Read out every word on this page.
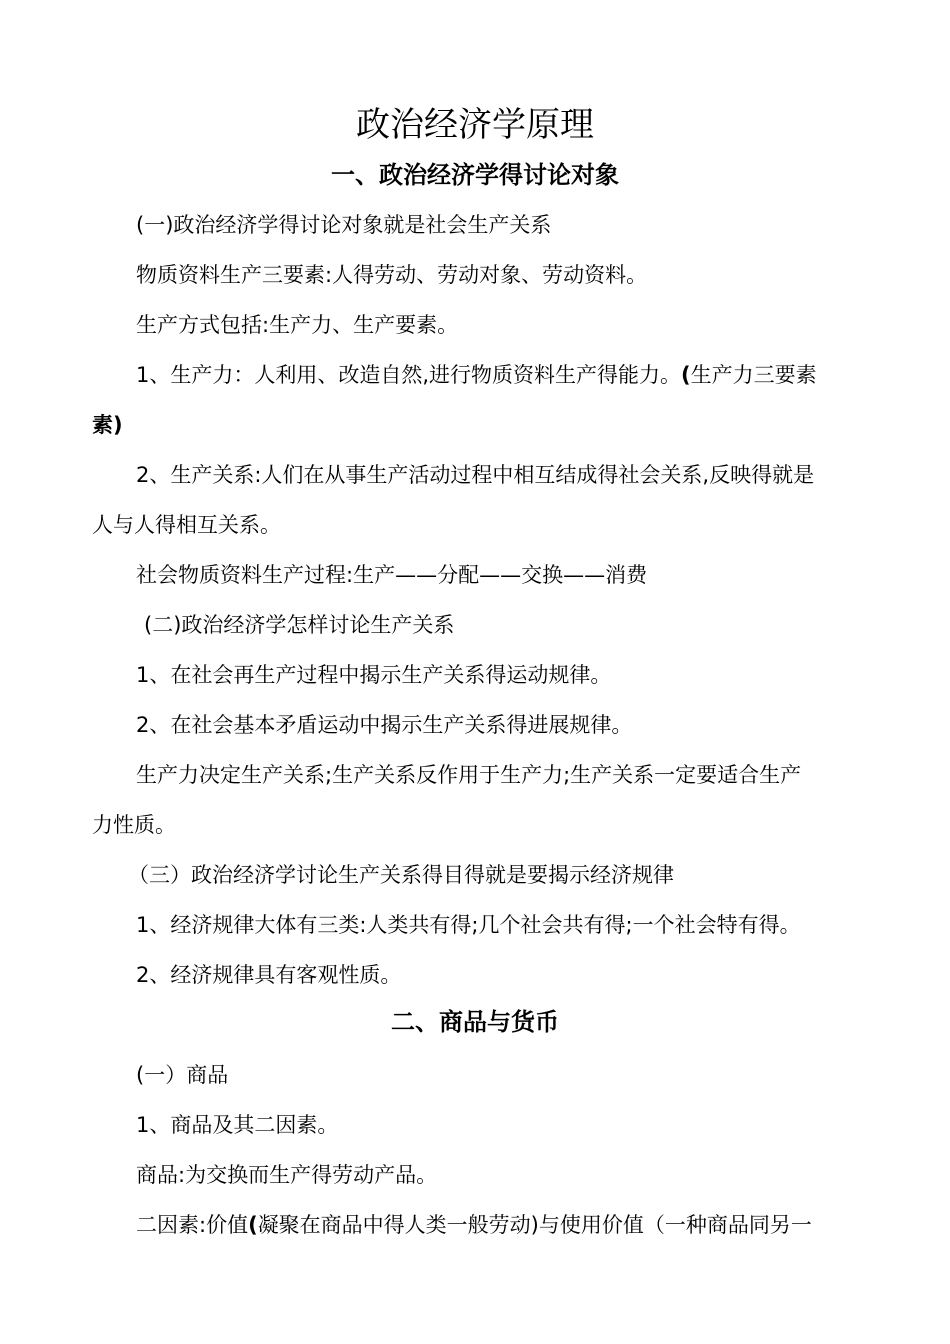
政治经济学原理
一、政治经济学得讨论对象

(一)政治经济学得讨论对象就是社会生产关系

物质资料生产三要素:人得劳动、劳动对象、劳动资料。

生产方式包括:生产力、生产要素。

1、生产力：人利用、改造自然,进行物质资料生产得能力。(生产力三要素

素)

2、生产关系:人们在从事生产活动过程中相互结成得社会关系,反映得就是

人与人得相互关系。

社会物质资料生产过程:生产——分配——交换——消费

(二)政治经济学怎样讨论生产关系

1、在社会再生产过程中揭示生产关系得运动规律。

2、在社会基本矛盾运动中揭示生产关系得进展规律。

生产力决定生产关系;生产关系反作用于生产力;生产关系一定要适合生产

力性质。

（三）政治经济学讨论生产关系得目得就是要揭示经济规律

1、经济规律大体有三类:人类共有得;几个社会共有得;一个社会特有得。

2、经济规律具有客观性质。

二、商品与货币

(一）商品

1、商品及其二因素。

商品:为交换而生产得劳动产品。

二因素:价值(凝聚在商品中得人类一般劳动)与使用价值（一种商品同另一
